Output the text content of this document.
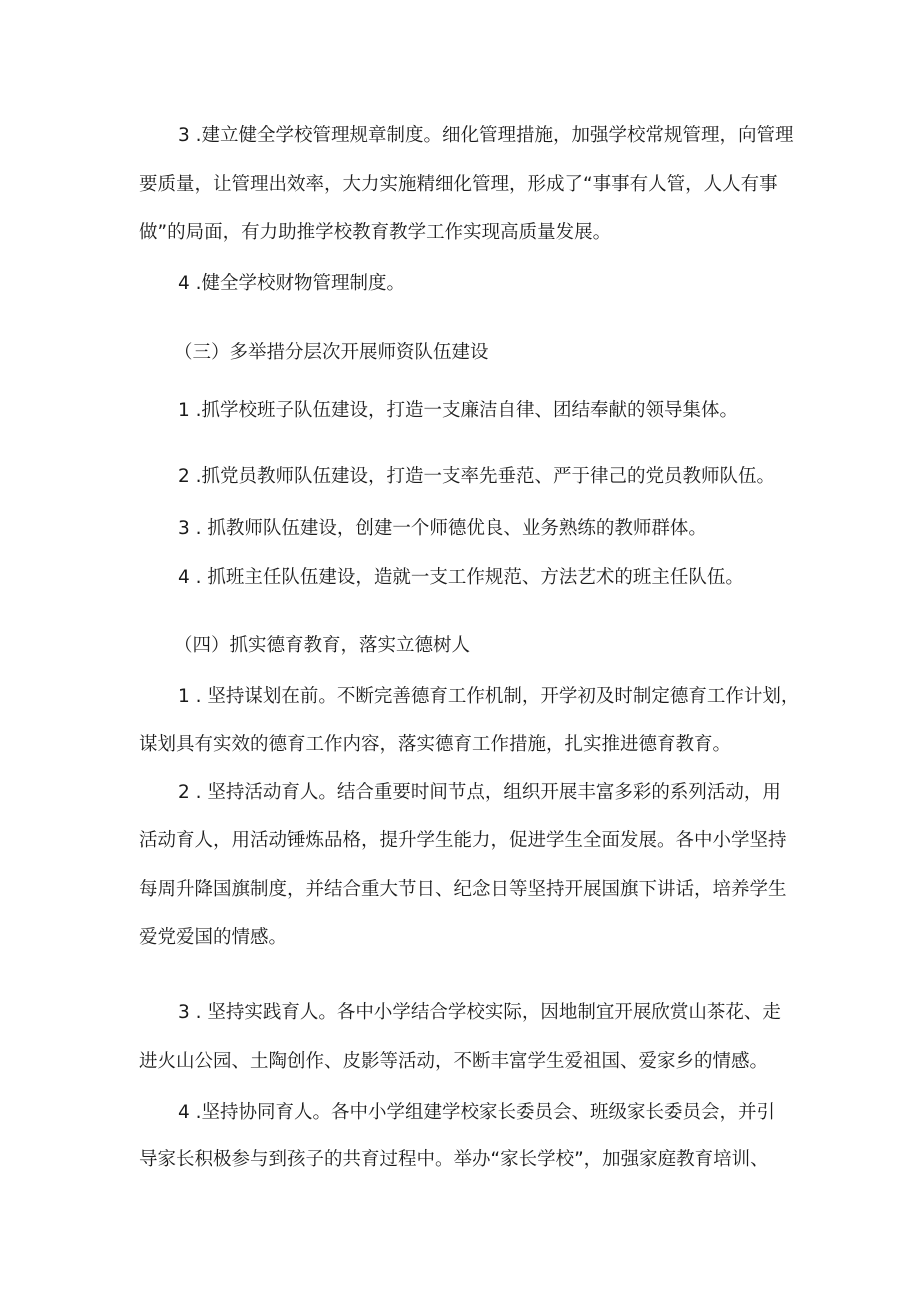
3 .建立健全学校管理规章制度。细化管理措施，加强学校常规管理，向管理
要质量，让管理出效率，大力实施精细化管理，形成了“事事有人管，人人有事
做”的局面，有力助推学校教育教学工作实现高质量发展。
4 .健全学校财物管理制度。
（三）多举措分层次开展师资队伍建设
1 .抓学校班子队伍建设，打造一支廉洁自律、团结奉献的领导集体。
2 .抓党员教师队伍建设，打造一支率先垂范、严于律己的党员教师队伍。
3 . 抓教师队伍建设，创建一个师德优良、业务熟练的教师群体。
4 . 抓班主任队伍建设，造就一支工作规范、方法艺术的班主任队伍。
（四）抓实德育教育，落实立德树人
1 . 坚持谋划在前。不断完善德育工作机制，开学初及时制定德育工作计划，
谋划具有实效的德育工作内容，落实德育工作措施，扎实推进德育教育。
2 . 坚持活动育人。结合重要时间节点，组织开展丰富多彩的系列活动，用
活动育人，用活动锤炼品格，提升学生能力，促进学生全面发展。各中小学坚持
每周升降国旗制度，并结合重大节日、纪念日等坚持开展国旗下讲话，培养学生
爱党爱国的情感。
3 . 坚持实践育人。各中小学结合学校实际，因地制宜开展欣赏山茶花、走
进火山公园、土陶创作、皮影等活动，不断丰富学生爱祖国、爱家乡的情感。
4 .坚持协同育人。各中小学组建学校家长委员会、班级家长委员会，并引
导家长积极参与到孩子的共育过程中。举办“家长学校”，加强家庭教育培训、
